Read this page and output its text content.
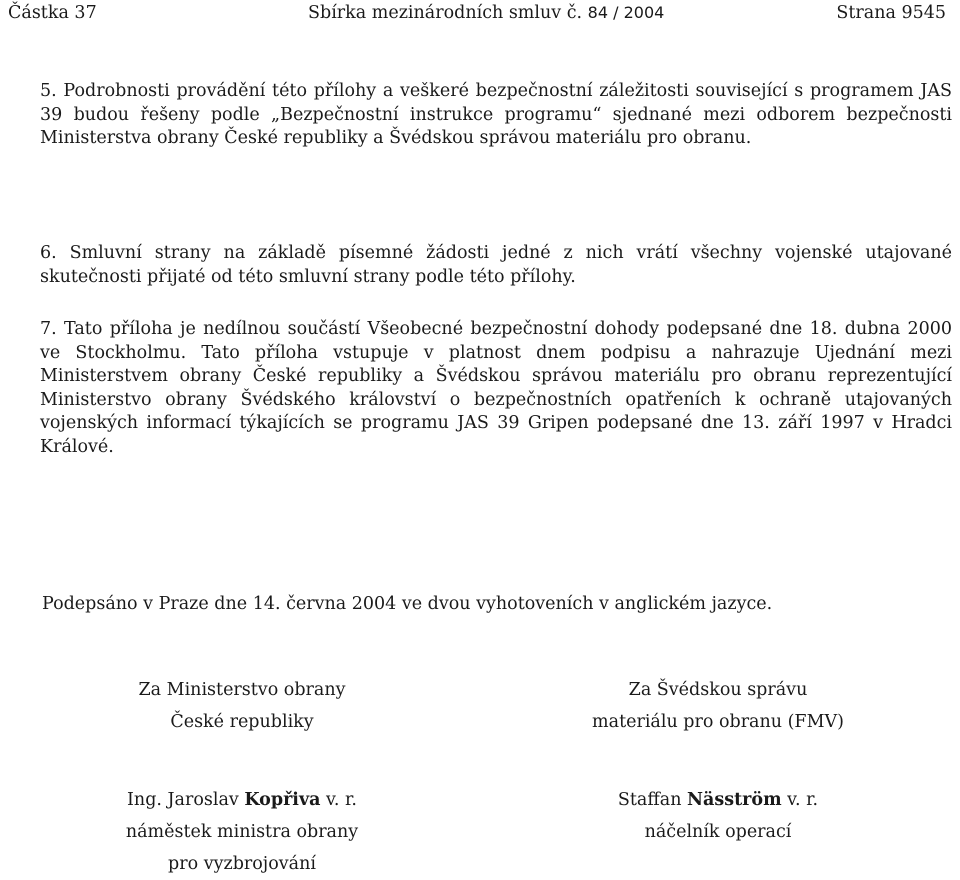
Částka 37	Sbírka mezinárodních smluv č. 84 / 2004	Strana 9545
5. Podrobnosti provádění této přílohy a veškeré bezpečnostní záležitosti související s programem JAS 39 budou řešeny podle „Bezpečnostní instrukce programu“ sjednané mezi odborem bezpečnosti Ministerstva obrany České republiky a Švédskou správou materiálu pro obranu.
6. Smluvní strany na základě písemné žádosti jedné z nich vrátí všechny vojenské utajované skutečnosti přijaté od této smluvní strany podle této přílohy.
7. Tato příloha je nedílnou součástí Všeobecné bezpečnostní dohody podepsané dne 18. dubna 2000 ve Stockholmu. Tato příloha vstupuje v platnost dnem podpisu a nahrazuje Ujednání mezi Ministerstvem obrany České republiky a Švédskou správou materiálu pro obranu reprezentující Ministerstvo obrany Švédského království o bezpečnostních opatřeních k ochraně utajovaných vojenských informací týkajících se programu JAS 39 Gripen podepsané dne 13. září 1997 v Hradci Králové.
Podepsáno v Praze dne 14. června 2004 ve dvou vyhotoveních v anglickém jazyce.
Za Ministerstvo obrany
České republiky
Za Švédskou správu
materiálu pro obranu (FMV)
Ing. Jaroslav Kopřiva v. r.
náměstek ministra obrany
pro vyzbrojování
Staffan Näsström v. r.
náčelník operací
